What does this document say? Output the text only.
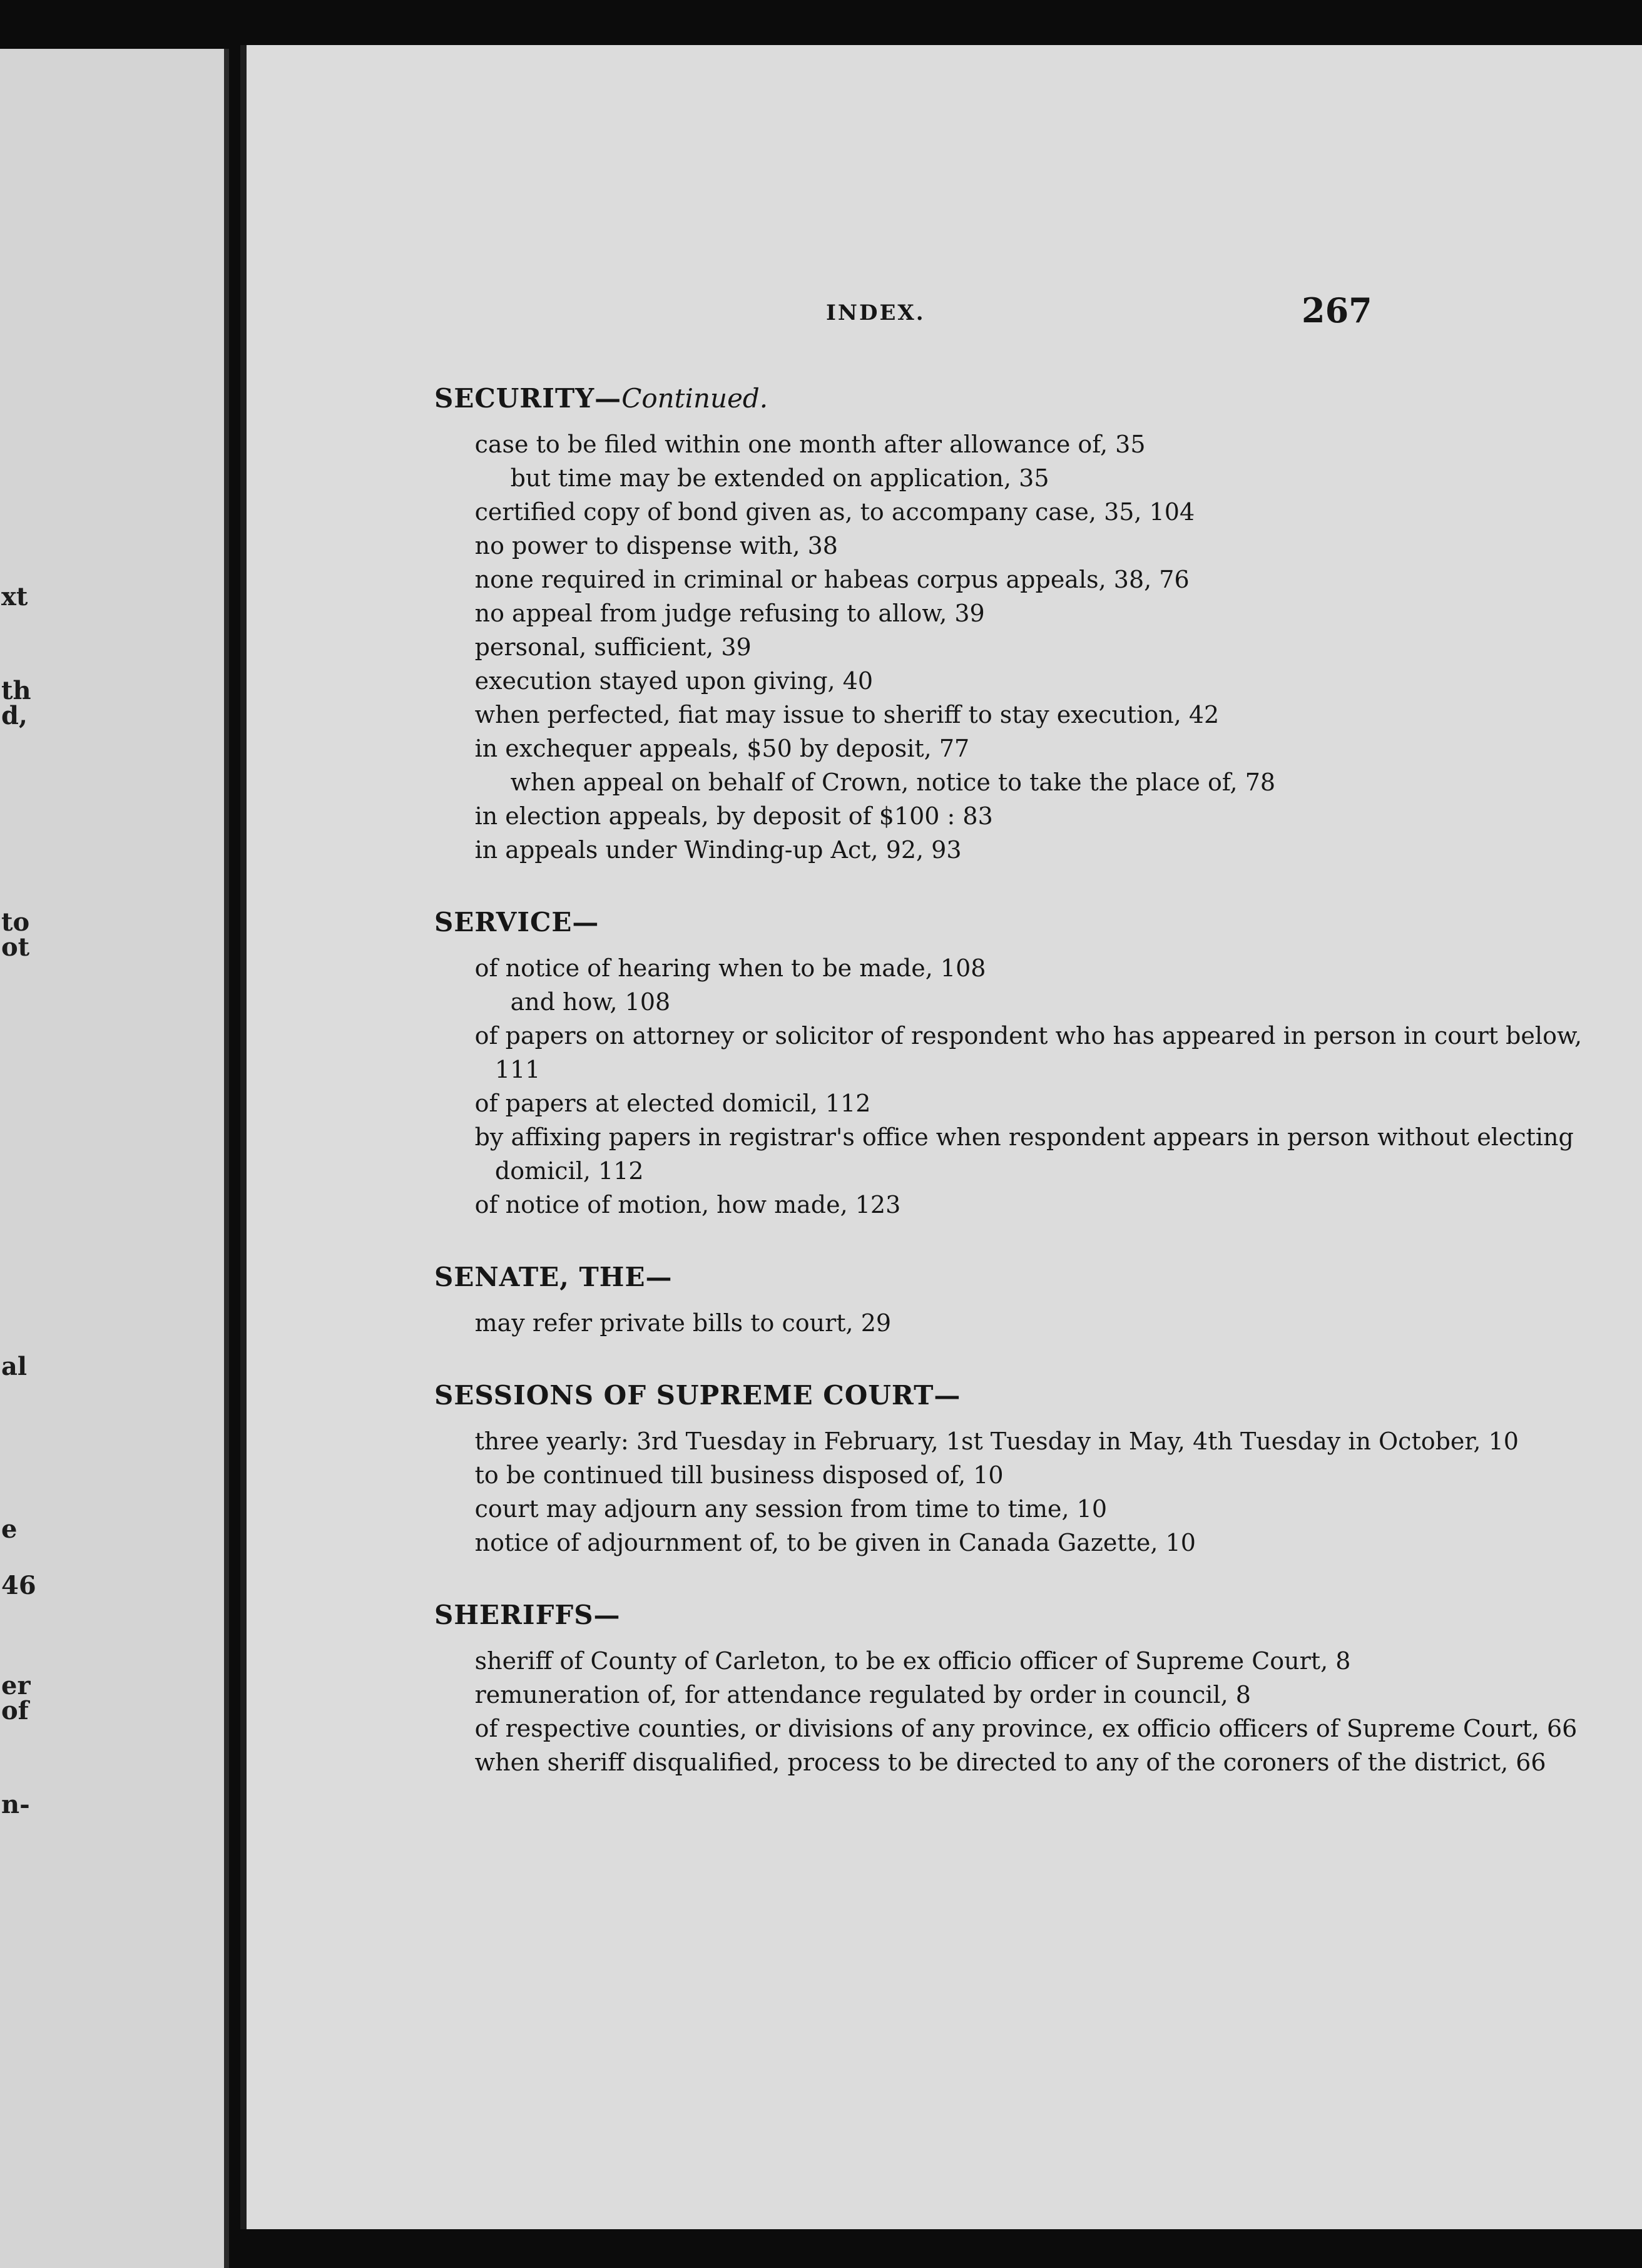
xt
th
d,
to
ot
al
e
46
er
of
n-
INDEX.	267
SECURITY—Continued.
case to be filed within one month after allowance of, 35
but time may be extended on application, 35
certified copy of bond given as, to accompany case, 35, 104
no power to dispense with, 38
none required in criminal or habeas corpus appeals, 38, 76
no appeal from judge refusing to allow, 39
personal, sufficient, 39
execution stayed upon giving, 40
when perfected, fiat may issue to sheriff to stay execution, 42
in exchequer appeals, $50 by deposit, 77
when appeal on behalf of Crown, notice to take the place of, 78
in election appeals, by deposit of $100 : 83
in appeals under Winding-up Act, 92, 93
SERVICE—
of notice of hearing when to be made, 108
and how, 108
of papers on attorney or solicitor of respondent who has appeared in person in court below, 111
of papers at elected domicil, 112
by affixing papers in registrar's office when respondent appears in person without electing domicil, 112
of notice of motion, how made, 123
SENATE, THE—
may refer private bills to court, 29
SESSIONS OF SUPREME COURT—
three yearly: 3rd Tuesday in February, 1st Tuesday in May, 4th Tuesday in October, 10
to be continued till business disposed of, 10
court may adjourn any session from time to time, 10
notice of adjournment of, to be given in Canada Gazette, 10
SHERIFFS—
sheriff of County of Carleton, to be ex officio officer of Supreme Court, 8
remuneration of, for attendance regulated by order in council, 8
of respective counties, or divisions of any province, ex officio officers of Supreme Court, 66
when sheriff disqualified, process to be directed to any of the coroners of the district, 66
